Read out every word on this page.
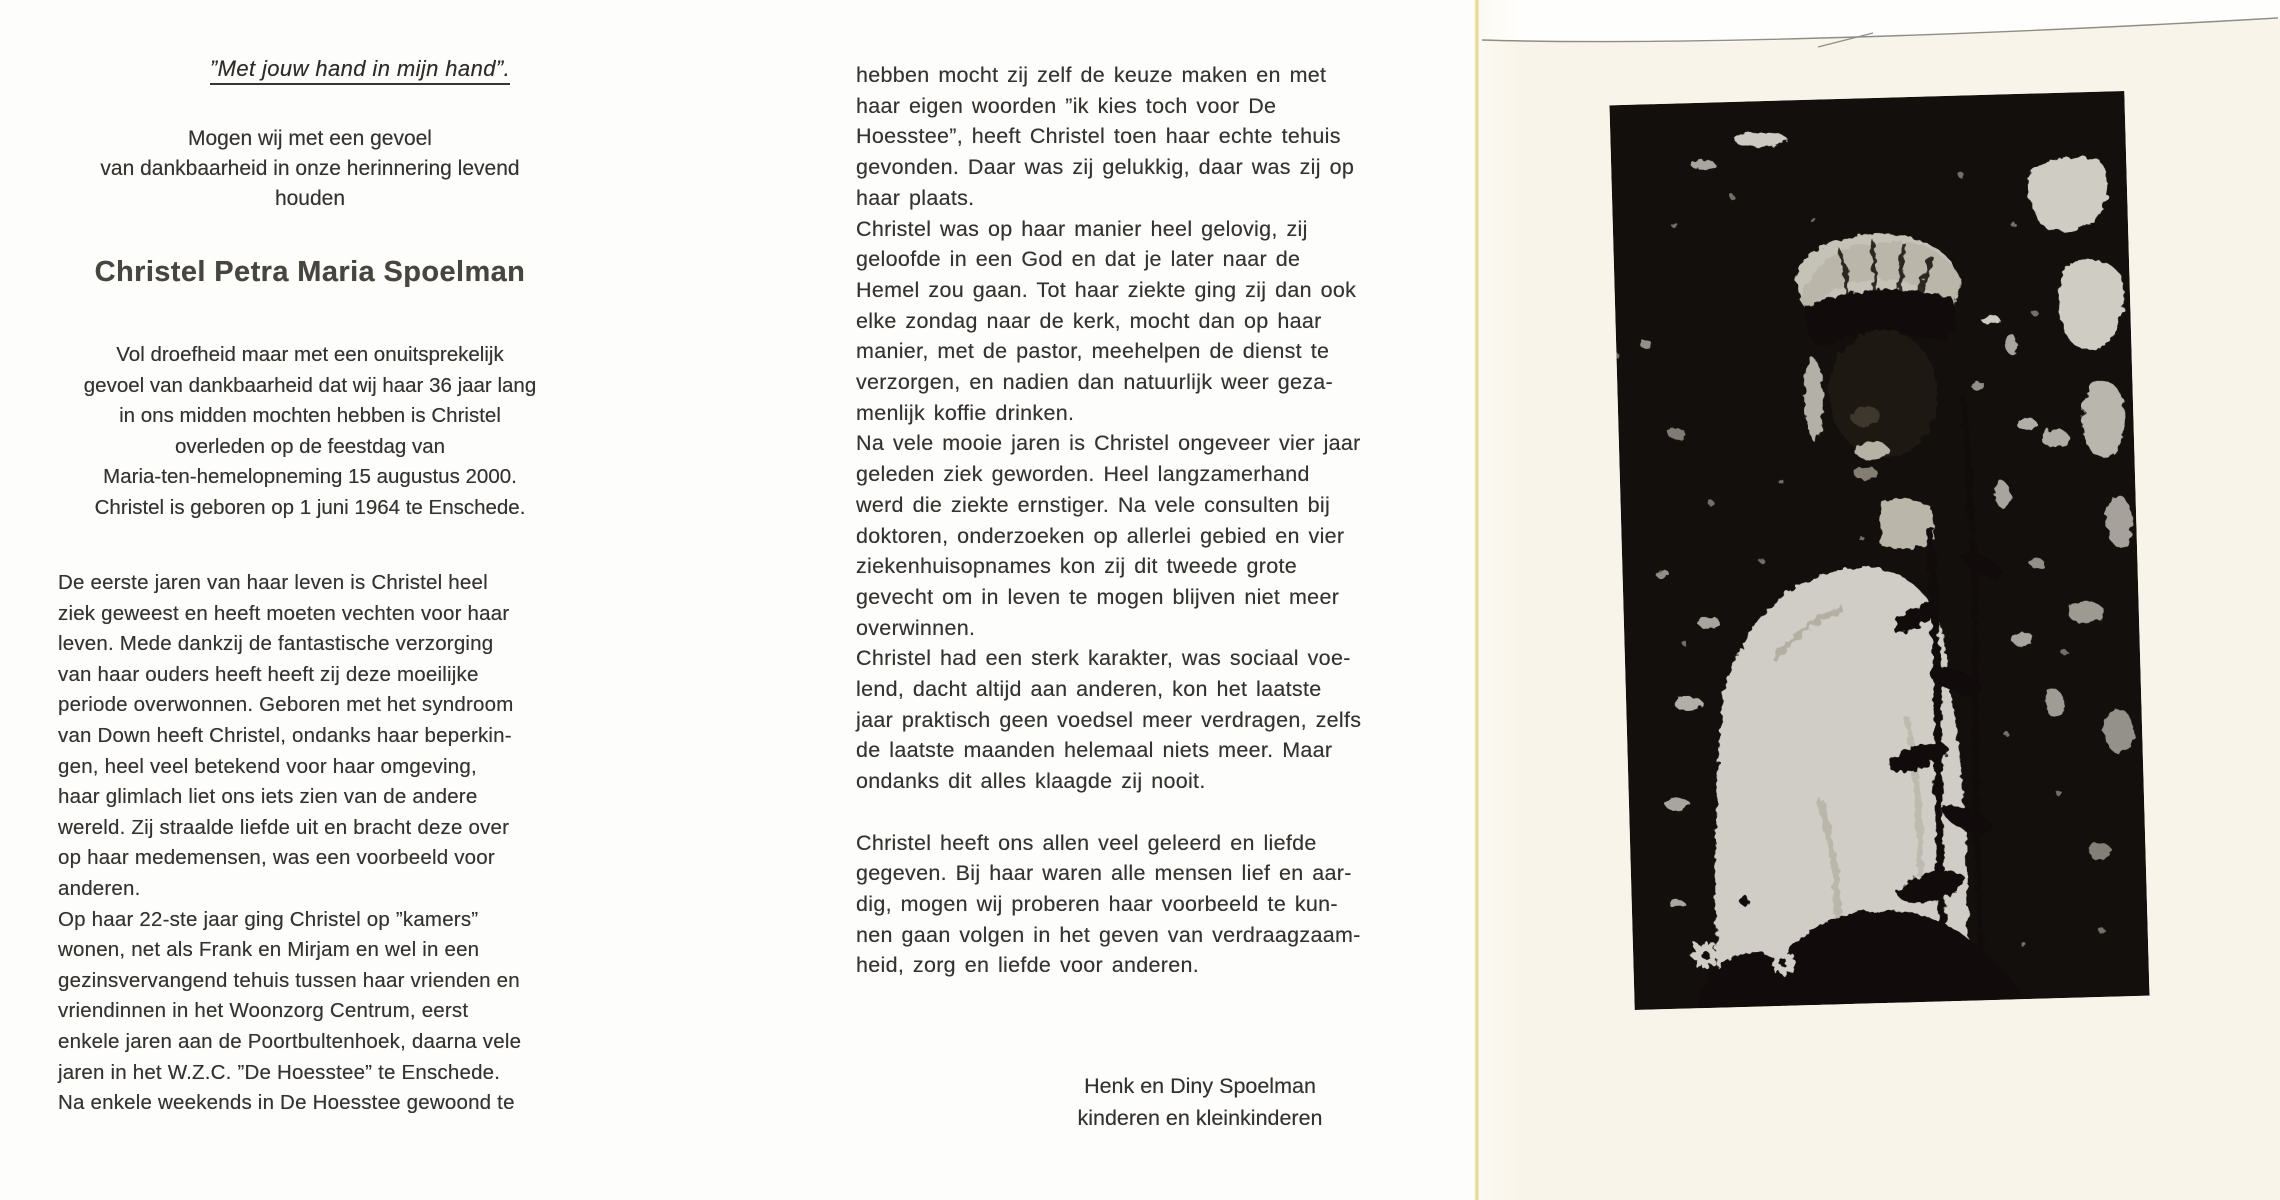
”Met jouw hand in mijn hand”.
Mogen wij met een gevoel
van dankbaarheid in onze herinnering levend
houden
Christel Petra Maria Spoelman
Vol droefheid maar met een onuitsprekelijk
gevoel van dankbaarheid dat wij haar 36 jaar lang
in ons midden mochten hebben is Christel
overleden op de feestdag van
Maria-ten-hemelopneming 15 augustus 2000.
Christel is geboren op 1 juni 1964 te Enschede.
De eerste jaren van haar leven is Christel heel
ziek geweest en heeft moeten vechten voor haar
leven. Mede dankzij de fantastische verzorging
van haar ouders heeft heeft zij deze moeilijke
periode overwonnen. Geboren met het syndroom
van Down heeft Christel, ondanks haar beperkin-
gen, heel veel betekend voor haar omgeving,
haar glimlach liet ons iets zien van de andere
wereld. Zij straalde liefde uit en bracht deze over
op haar medemensen, was een voorbeeld voor
anderen.
Op haar 22-ste jaar ging Christel op ”kamers”
wonen, net als Frank en Mirjam en wel in een
gezinsvervangend tehuis tussen haar vrienden en
vriendinnen in het Woonzorg Centrum, eerst
enkele jaren aan de Poortbultenhoek, daarna vele
jaren in het W.Z.C. ”De Hoesstee” te Enschede.
Na enkele weekends in De Hoesstee gewoond te
hebben mocht zij zelf de keuze maken en met
haar eigen woorden ”ik kies toch voor De
Hoesstee”, heeft Christel toen haar echte tehuis
gevonden. Daar was zij gelukkig, daar was zij op
haar plaats.
Christel was op haar manier heel gelovig, zij
geloofde in een God en dat je later naar de
Hemel zou gaan. Tot haar ziekte ging zij dan ook
elke zondag naar de kerk, mocht dan op haar
manier, met de pastor, meehelpen de dienst te
verzorgen, en nadien dan natuurlijk weer geza-
menlijk koffie drinken.
Na vele mooie jaren is Christel ongeveer vier jaar
geleden ziek geworden. Heel langzamerhand
werd die ziekte ernstiger. Na vele consulten bij
doktoren, onderzoeken op allerlei gebied en vier
ziekenhuisopnames kon zij dit tweede grote
gevecht om in leven te mogen blijven niet meer
overwinnen.
Christel had een sterk karakter, was sociaal voe-
lend, dacht altijd aan anderen, kon het laatste
jaar praktisch geen voedsel meer verdragen, zelfs
de laatste maanden helemaal niets meer. Maar
ondanks dit alles klaagde zij nooit.

Christel heeft ons allen veel geleerd en liefde
gegeven. Bij haar waren alle mensen lief en aar-
dig, mogen wij proberen haar voorbeeld te kun-
nen gaan volgen in het geven van verdraagzaam-
heid, zorg en liefde voor anderen.
Henk en Diny Spoelman
kinderen en kleinkinderen
